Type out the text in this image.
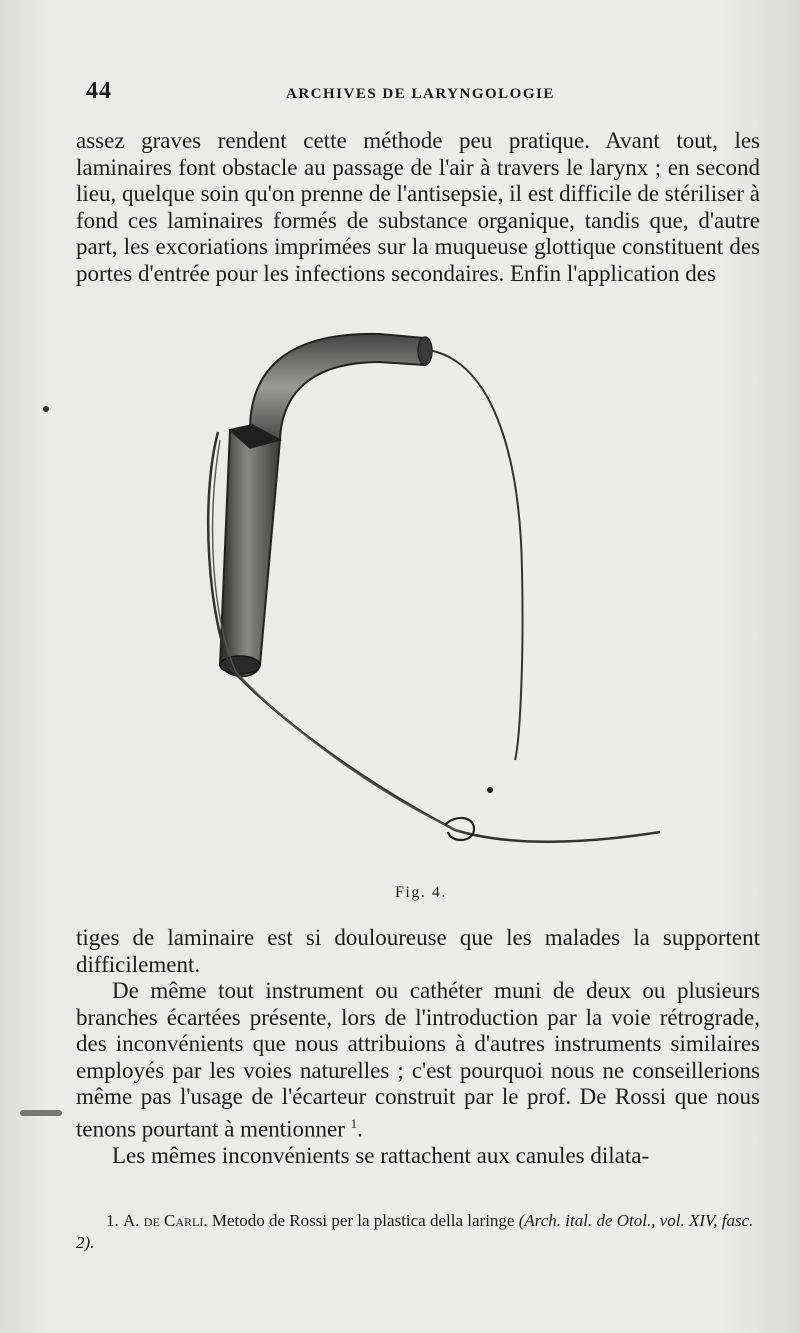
44	ARCHIVES DE LARYNGOLOGIE

assez graves rendent cette méthode peu pratique. Avant tout, les laminaires font obstacle au passage de l'air à travers le larynx ; en second lieu, quelque soin qu'on prenne de l'antisepsie, il est difficile de stériliser à fond ces laminaires formés de substance organique, tandis que, d'autre part, les excoriations imprimées sur la muqueuse glottique constituent des portes d'entrée pour les infections secondaires. Enfin l'application des

Fig. 4.

tiges de laminaire est si douloureuse que les malades la supportent difficilement.

De même tout instrument ou cathéter muni de deux ou plusieurs branches écartées présente, lors de l'introduction par la voie rétrograde, des inconvénients que nous attribuions à d'autres instruments similaires employés par les voies naturelles ; c'est pourquoi nous ne conseillerions même pas l'usage de l'écarteur construit par le prof. De Rossi que nous tenons pourtant à mentionner $^1$.

Les mêmes inconvénients se rattachent aux canules dilata-

1. A. de Carli. Metodo de Rossi per la plastica della laringe (Arch. ital. de Otol., vol. XIV, fasc. 2).
